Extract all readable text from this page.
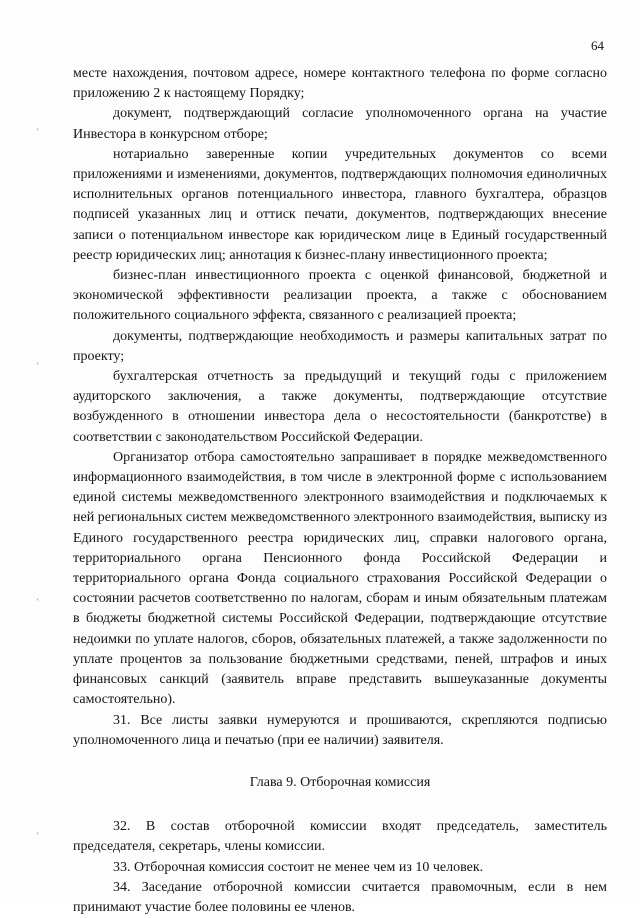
64

месте нахождения, почтовом адресе, номере контактного телефона по форме согласно приложению 2 к настоящему Порядку;

документ, подтверждающий согласие уполномоченного органа на участие Инвестора в конкурсном отборе;

нотариально заверенные копии учредительных документов со всеми приложениями и изменениями, документов, подтверждающих полномочия единоличных исполнительных органов потенциального инвестора, главного бухгалтера, образцов подписей указанных лиц и оттиск печати, документов, подтверждающих внесение записи о потенциальном инвесторе как юридическом лице в Единый государственный реестр юридических лиц; аннотация к бизнес-плану инвестиционного проекта;

бизнес-план инвестиционного проекта с оценкой финансовой, бюджетной и экономической эффективности реализации проекта, а также с обоснованием положительного социального эффекта, связанного с реализацией проекта;

документы, подтверждающие необходимость и размеры капитальных затрат по проекту;

бухгалтерская отчетность за предыдущий и текущий годы с приложением аудиторского заключения, а также документы, подтверждающие отсутствие возбужденного в отношении инвестора дела о несостоятельности (банкротстве) в соответствии с законодательством Российской Федерации.

Организатор отбора самостоятельно запрашивает в порядке межведомственного информационного взаимодействия, в том числе в электронной форме с использованием единой системы межведомственного электронного взаимодействия и подключаемых к ней региональных систем межведомственного электронного взаимодействия, выписку из Единого государственного реестра юридических лиц, справки налогового органа, территориального органа Пенсионного фонда Российской Федерации и территориального органа Фонда социального страхования Российской Федерации о состоянии расчетов соответственно по налогам, сборам и иным обязательным платежам в бюджеты бюджетной системы Российской Федерации, подтверждающие отсутствие недоимки по уплате налогов, сборов, обязательных платежей, а также задолженности по уплате процентов за пользование бюджетными средствами, пеней, штрафов и иных финансовых санкций (заявитель вправе представить вышеуказанные документы самостоятельно).

31. Все листы заявки нумеруются и прошиваются, скрепляются подписью уполномоченного лица и печатью (при ее наличии) заявителя.

Глава 9. Отборочная комиссия

32. В состав отборочной комиссии входят председатель, заместитель председателя, секретарь, члены комиссии.

33. Отборочная комиссия состоит не менее чем из 10 человек.

34. Заседание отборочной комиссии считается правомочным, если в нем принимают участие более половины ее членов.

ʿ
ʿ
ʿ
ʿ
